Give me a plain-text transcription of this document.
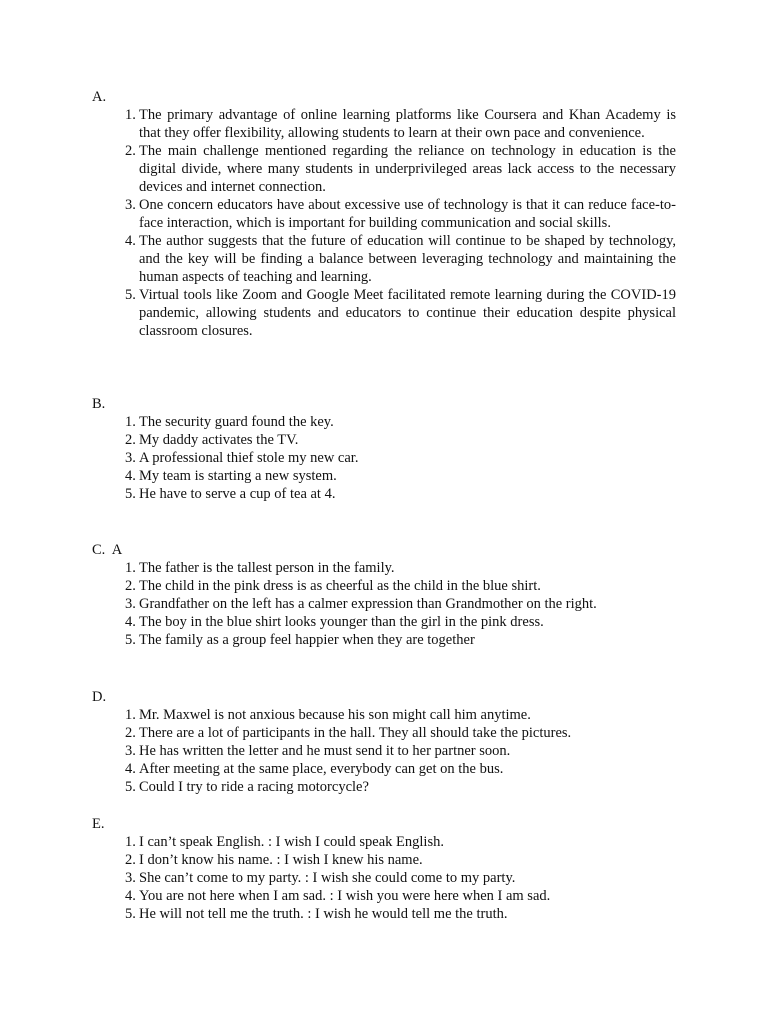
A.
1. The primary advantage of online learning platforms like Coursera and Khan Academy is that they offer flexibility, allowing students to learn at their own pace and convenience.
2. The main challenge mentioned regarding the reliance on technology in education is the digital divide, where many students in underprivileged areas lack access to the necessary devices and internet connection.
3. One concern educators have about excessive use of technology is that it can reduce face-to-face interaction, which is important for building communication and social skills.
4. The author suggests that the future of education will continue to be shaped by technology, and the key will be finding a balance between leveraging technology and maintaining the human aspects of teaching and learning.
5. Virtual tools like Zoom and Google Meet facilitated remote learning during the COVID-19 pandemic, allowing students and educators to continue their education despite physical classroom closures.
B.
1. The security guard found the key.
2. My daddy activates the TV.
3. A professional thief stole my new car.
4. My team is starting a new system.
5. He have to serve a cup of tea at 4.
C.  A
1. The father is the tallest person in the family.
2. The child in the pink dress is as cheerful as the child in the blue shirt.
3. Grandfather on the left has a calmer expression than Grandmother on the right.
4. The boy in the blue shirt looks younger than the girl in the pink dress.
5. The family as a group feel happier when they are together
D.
1. Mr. Maxwel is not anxious because his son might call him anytime.
2. There are a lot of participants in the hall. They all should take the pictures.
3. He has written the letter and he must send it to her partner soon.
4. After meeting at the same place, everybody can get on the bus.
5. Could I try to ride a racing motorcycle?
E.
1. I can’t speak English. : I wish I could speak English.
2. I don’t know his name. : I wish I knew his name.
3. She can’t come to my party. : I wish she could come to my party.
4. You are not here when I am sad. : I wish you were here when I am sad.
5. He will not tell me the truth. : I wish he would tell me the truth.
